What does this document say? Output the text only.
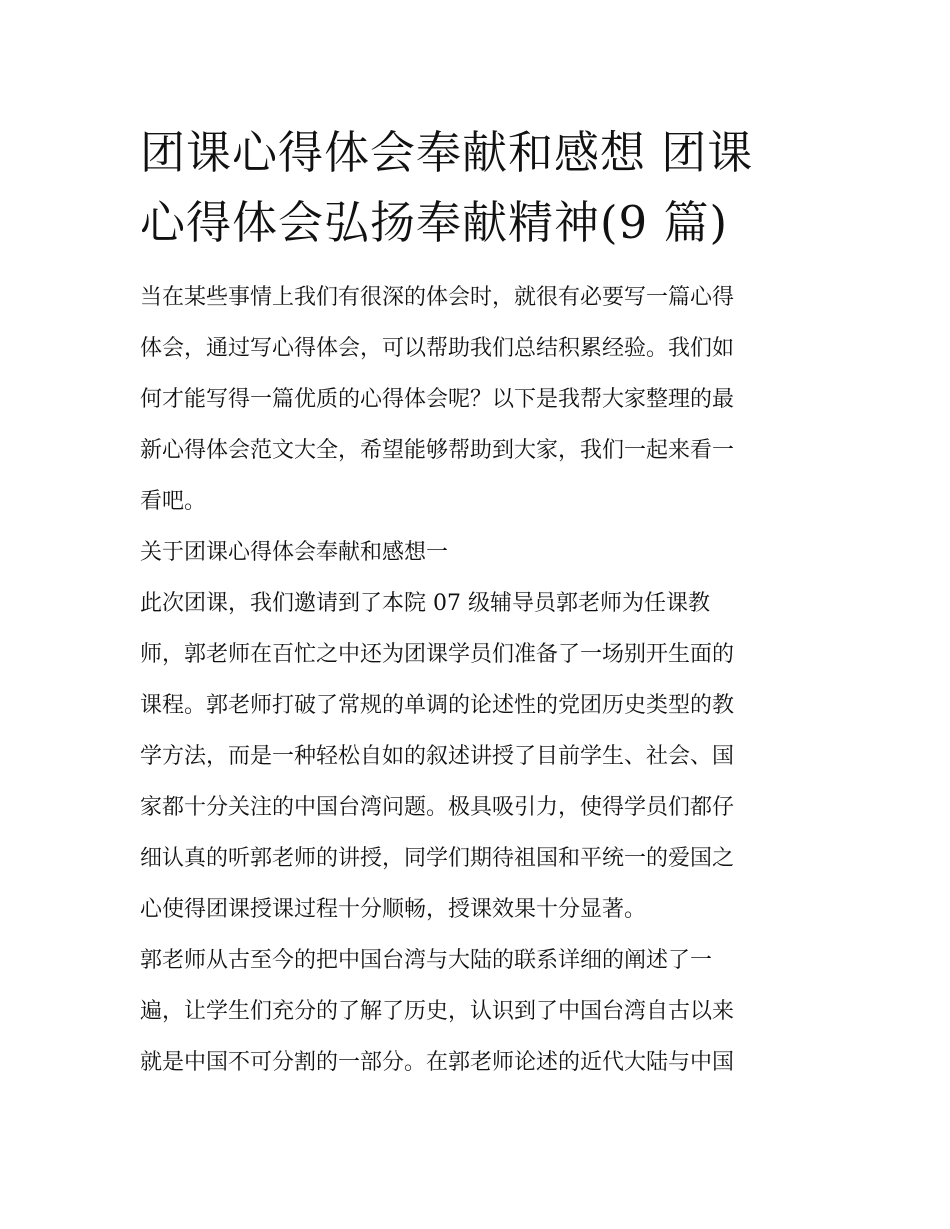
团课心得体会奉献和感想 团课
心得体会弘扬奉献精神(9 篇)

当在某些事情上我们有很深的体会时，就很有必要写一篇心得
体会，通过写心得体会，可以帮助我们总结积累经验。我们如
何才能写得一篇优质的心得体会呢？以下是我帮大家整理的最
新心得体会范文大全，希望能够帮助到大家，我们一起来看一
看吧。

关于团课心得体会奉献和感想一

此次团课，我们邀请到了本院 07 级辅导员郭老师为任课教
师，郭老师在百忙之中还为团课学员们准备了一场别开生面的
课程。郭老师打破了常规的单调的论述性的党团历史类型的教
学方法，而是一种轻松自如的叙述讲授了目前学生、社会、国
家都十分关注的中国台湾问题。极具吸引力，使得学员们都仔
细认真的听郭老师的讲授，同学们期待祖国和平统一的爱国之
心使得团课授课过程十分顺畅，授课效果十分显著。

郭老师从古至今的把中国台湾与大陆的联系详细的阐述了一
遍，让学生们充分的了解了历史，认识到了中国台湾自古以来
就是中国不可分割的一部分。在郭老师论述的近代大陆与中国
